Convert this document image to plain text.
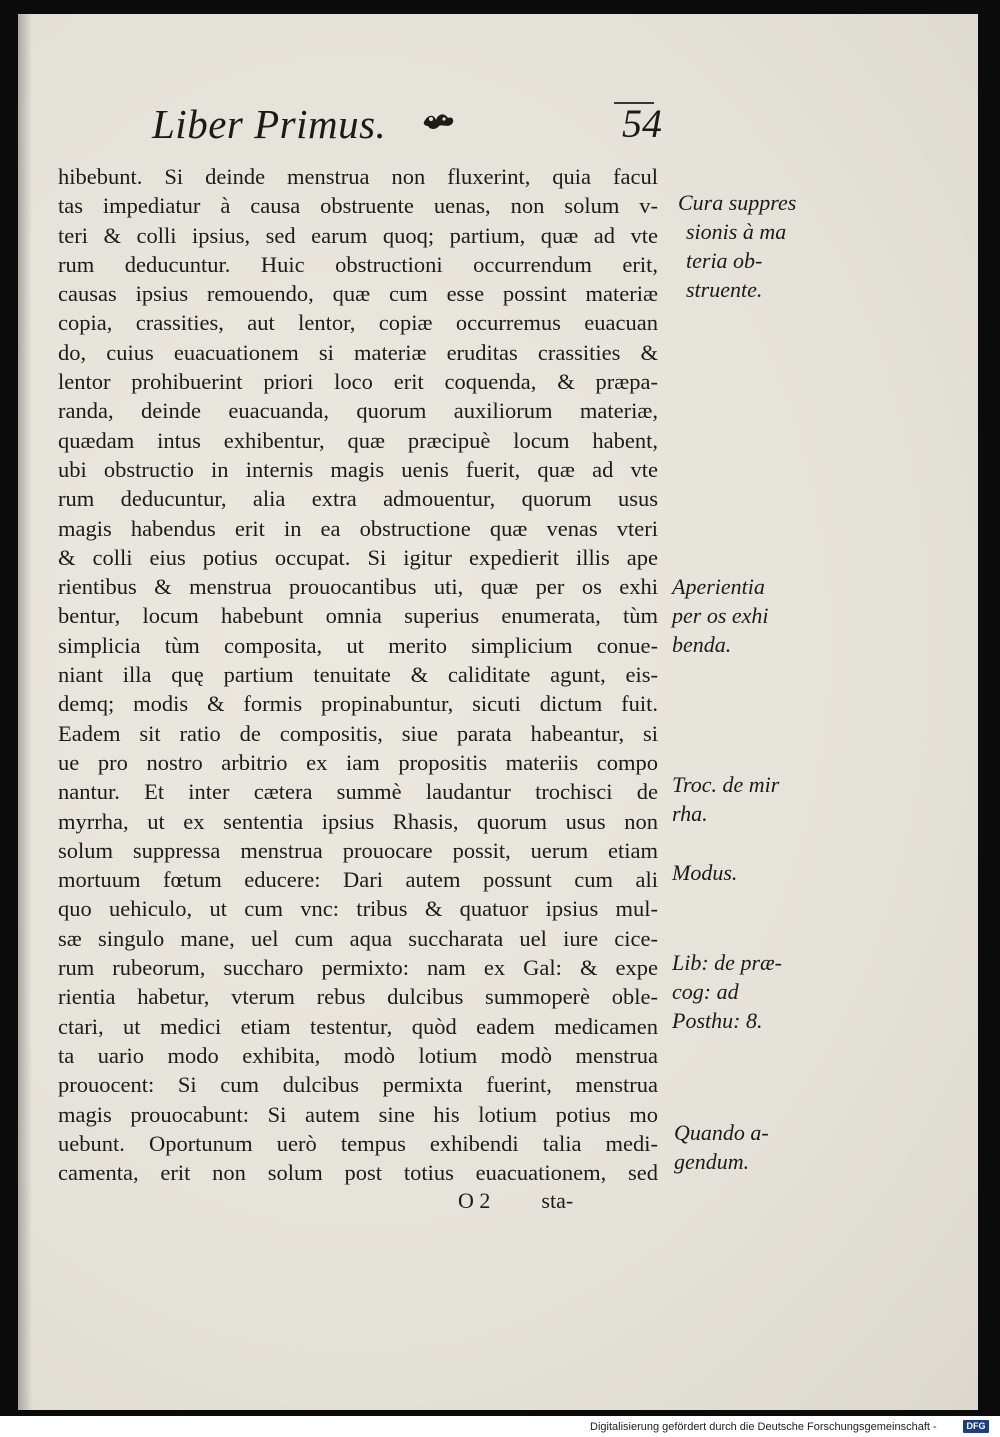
Liber Primus.	54
hibebunt. Si deinde menstrua non fluxerint, quia facul
tas impediatur à causa obstruente uenas, non solum v-
teri & colli ipsius, sed earum quoq; partium, quæ ad vte
rum deducuntur. Huic obstructioni occurrendum erit,
causas ipsius remouendo, quæ cum esse possint materiæ
copia, crassities, aut lentor, copiæ occurremus euacuan
do, cuius euacuationem si materiæ eruditas crassities &
lentor prohibuerint priori loco erit coquenda, & præpa-
randa, deinde euacuanda, quorum auxiliorum materiæ,
quædam intus exhibentur, quæ præcipuè locum habent,
ubi obstructio in internis magis uenis fuerit, quæ ad vte
rum deducuntur, alia extra admouentur, quorum usus
magis habendus erit in ea obstructione quæ venas vteri
& colli eius potius occupat. Si igitur expedierit illis ape
rientibus & menstrua prouocantibus uti, quæ per os exhi
bentur, locum habebunt omnia superius enumerata, tùm
simplicia tùm composita, ut merito simplicium conue-
niant illa quę partium tenuitate & caliditate agunt, eis-
demq; modis & formis propinabuntur, sicuti dictum fuit.
Eadem sit ratio de compositis, siue parata habeantur, si
ue pro nostro arbitrio ex iam propositis materiis compo
nantur. Et inter cætera summè laudantur trochisci de
myrrha, ut ex sententia ipsius Rhasis, quorum usus non
solum suppressa menstrua prouocare possit, uerum etiam
mortuum fœtum educere: Dari autem possunt cum ali
quo uehiculo, ut cum vnc: tribus & quatuor ipsius mul-
sæ singulo mane, uel cum aqua succharata uel iure cice-
rum rubeorum, succharo permixto: nam ex Gal: & expe
rientia habetur, vterum rebus dulcibus summoperè oble-
ctari, ut medici etiam testentur, quòd eadem medicamen
ta uario modo exhibita, modò lotium modò menstrua
prouocent: Si cum dulcibus permixta fuerint, menstrua
magis prouocabunt: Si autem sine his lotium potius mo
uebunt. Oportunum uerò tempus exhibendi talia medi-
camenta, erit non solum post totius euacuationem, sed
O 2 sta-
Cura suppres
sionis à ma
teria ob-
struente.
Aperientia
per os exhi
benda.
Troc. de mir
rha.
Modus.
Lib: de præ-
cog: ad
Posthu: 8.
Quando a-
gendum.
Digitalisierung gefördert durch die Deutsche Forschungsgemeinschaft -	DFG
